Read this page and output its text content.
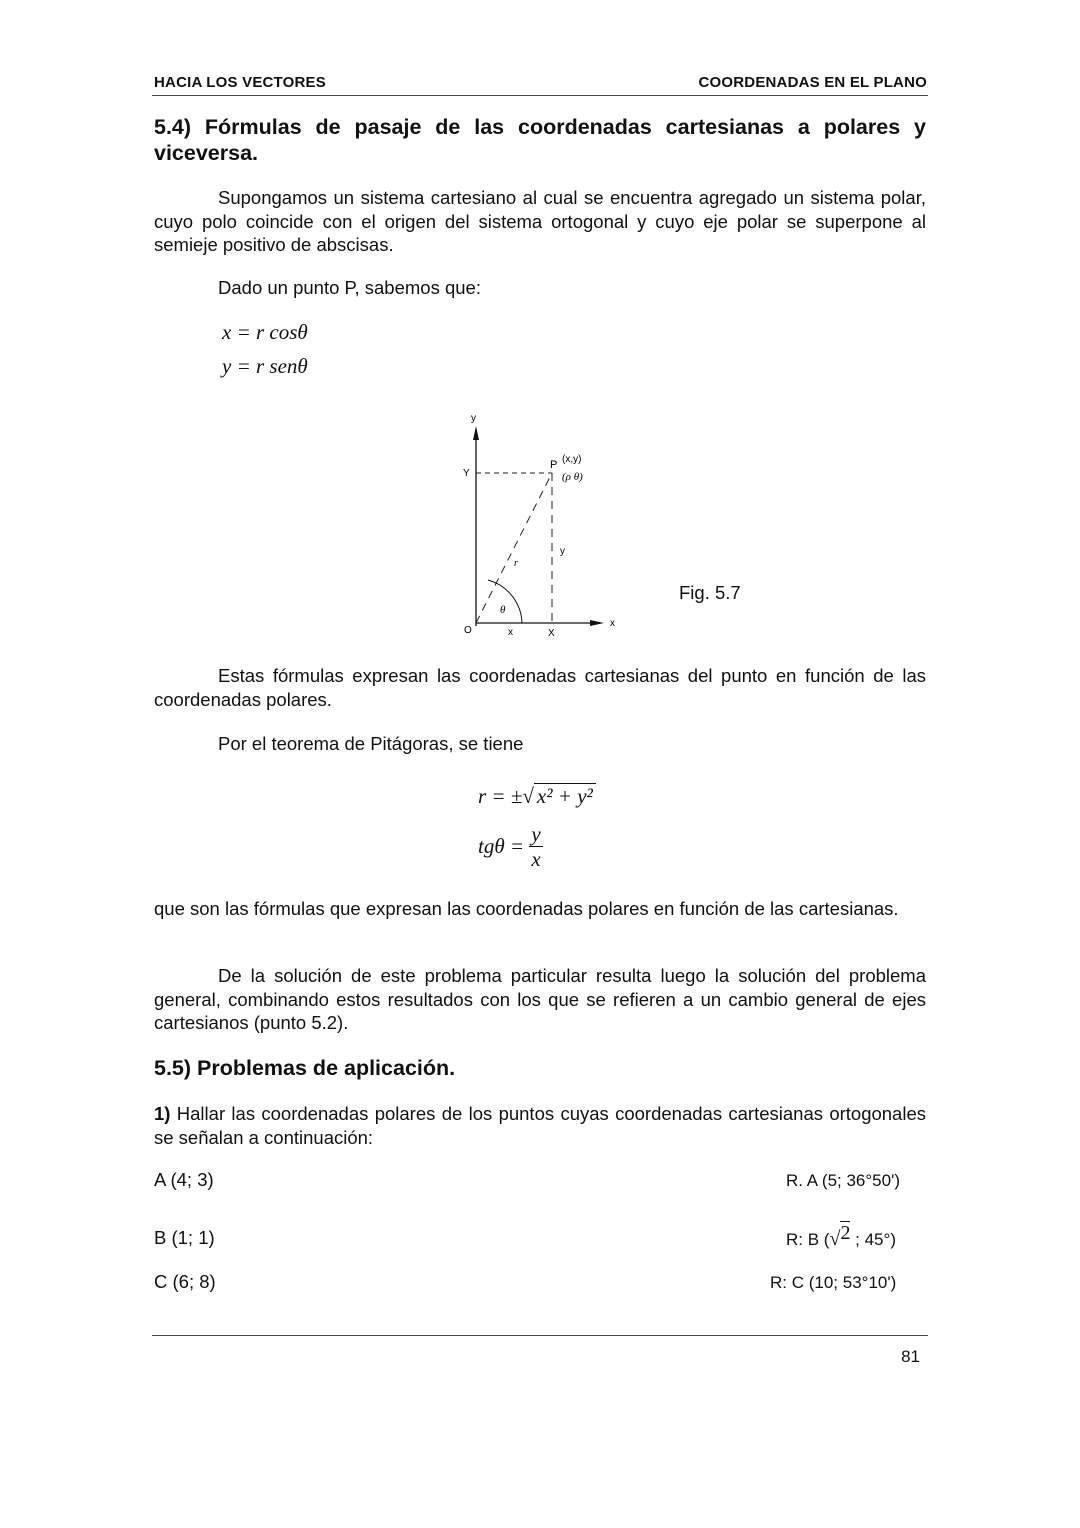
HACIA LOS VECTORES	COORDENADAS EN EL PLANO
5.4) Fórmulas de pasaje de las coordenadas cartesianas a polares y viceversa.
Supongamos un sistema cartesiano al cual se encuentra agregado un sistema polar, cuyo polo coincide con el origen del sistema ortogonal y cuyo eje polar se superpone al semieje positivo de abscisas.
Dado un punto P, sabemos que:
x = r cosθ
y = r senθ
y
Y
P (x,y)
(ρ θ)
y
r
θ
O	x	X
x
Fig. 5.7
Estas fórmulas expresan las coordenadas cartesianas del punto en función de las coordenadas polares.
Por el teorema de Pitágoras, se tiene
r = ±√ x² + y²
$tg\theta = \frac{y}{x}$
que son las fórmulas que expresan las coordenadas polares en función de las cartesianas.
De la solución de este problema particular resulta luego la solución del problema general, combinando estos resultados con los que se refieren a un cambio general de ejes cartesianos (punto 5.2).
5.5) Problemas de aplicación.
1) Hallar las coordenadas polares de los puntos cuyas coordenadas cartesianas ortogonales se señalan a continuación:
A (4; 3)	R. A (5; 36°50')
B (1; 1)	R: B (√2 ; 45°)
C (6; 8)	R: C (10; 53°10')
81
